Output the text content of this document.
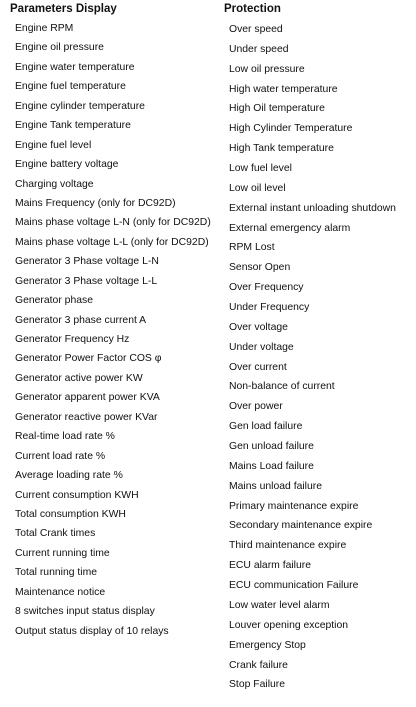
Parameters Display
Engine RPM
Engine oil pressure
Engine water temperature
Engine fuel temperature
Engine cylinder temperature
Engine Tank temperature
Engine fuel level
Engine battery voltage
Charging voltage
Mains Frequency (only for DC92D)
Mains phase voltage L-N (only for DC92D)
Mains phase voltage L-L (only for DC92D)
Generator 3 Phase voltage L-N
Generator 3 Phase voltage L-L
Generator phase
Generator 3 phase current A
Generator Frequency Hz
Generator Power Factor COS φ
Generator active power KW
Generator apparent power KVA
Generator reactive power KVar
Real-time load rate %
Current load rate %
Average loading rate %
Current consumption KWH
Total consumption KWH
Total Crank times
Current running time
Total running time
Maintenance notice
8 switches input status display
Output status display of 10 relays
Protection
Over speed
Under speed
Low oil pressure
High water temperature
High Oil temperature
High Cylinder Temperature
High Tank temperature
Low fuel level
Low oil level
External instant unloading shutdown
External emergency alarm
RPM Lost
Sensor Open
Over Frequency
Under Frequency
Over voltage
Under voltage
Over current
Non-balance of current
Over power
Gen load failure
Gen unload failure
Mains Load failure
Mains unload failure
Primary maintenance expire
Secondary maintenance expire
Third maintenance expire
ECU alarm failure
ECU communication Failure
Low water level alarm
Louver opening exception
Emergency Stop
Crank failure
Stop Failure
